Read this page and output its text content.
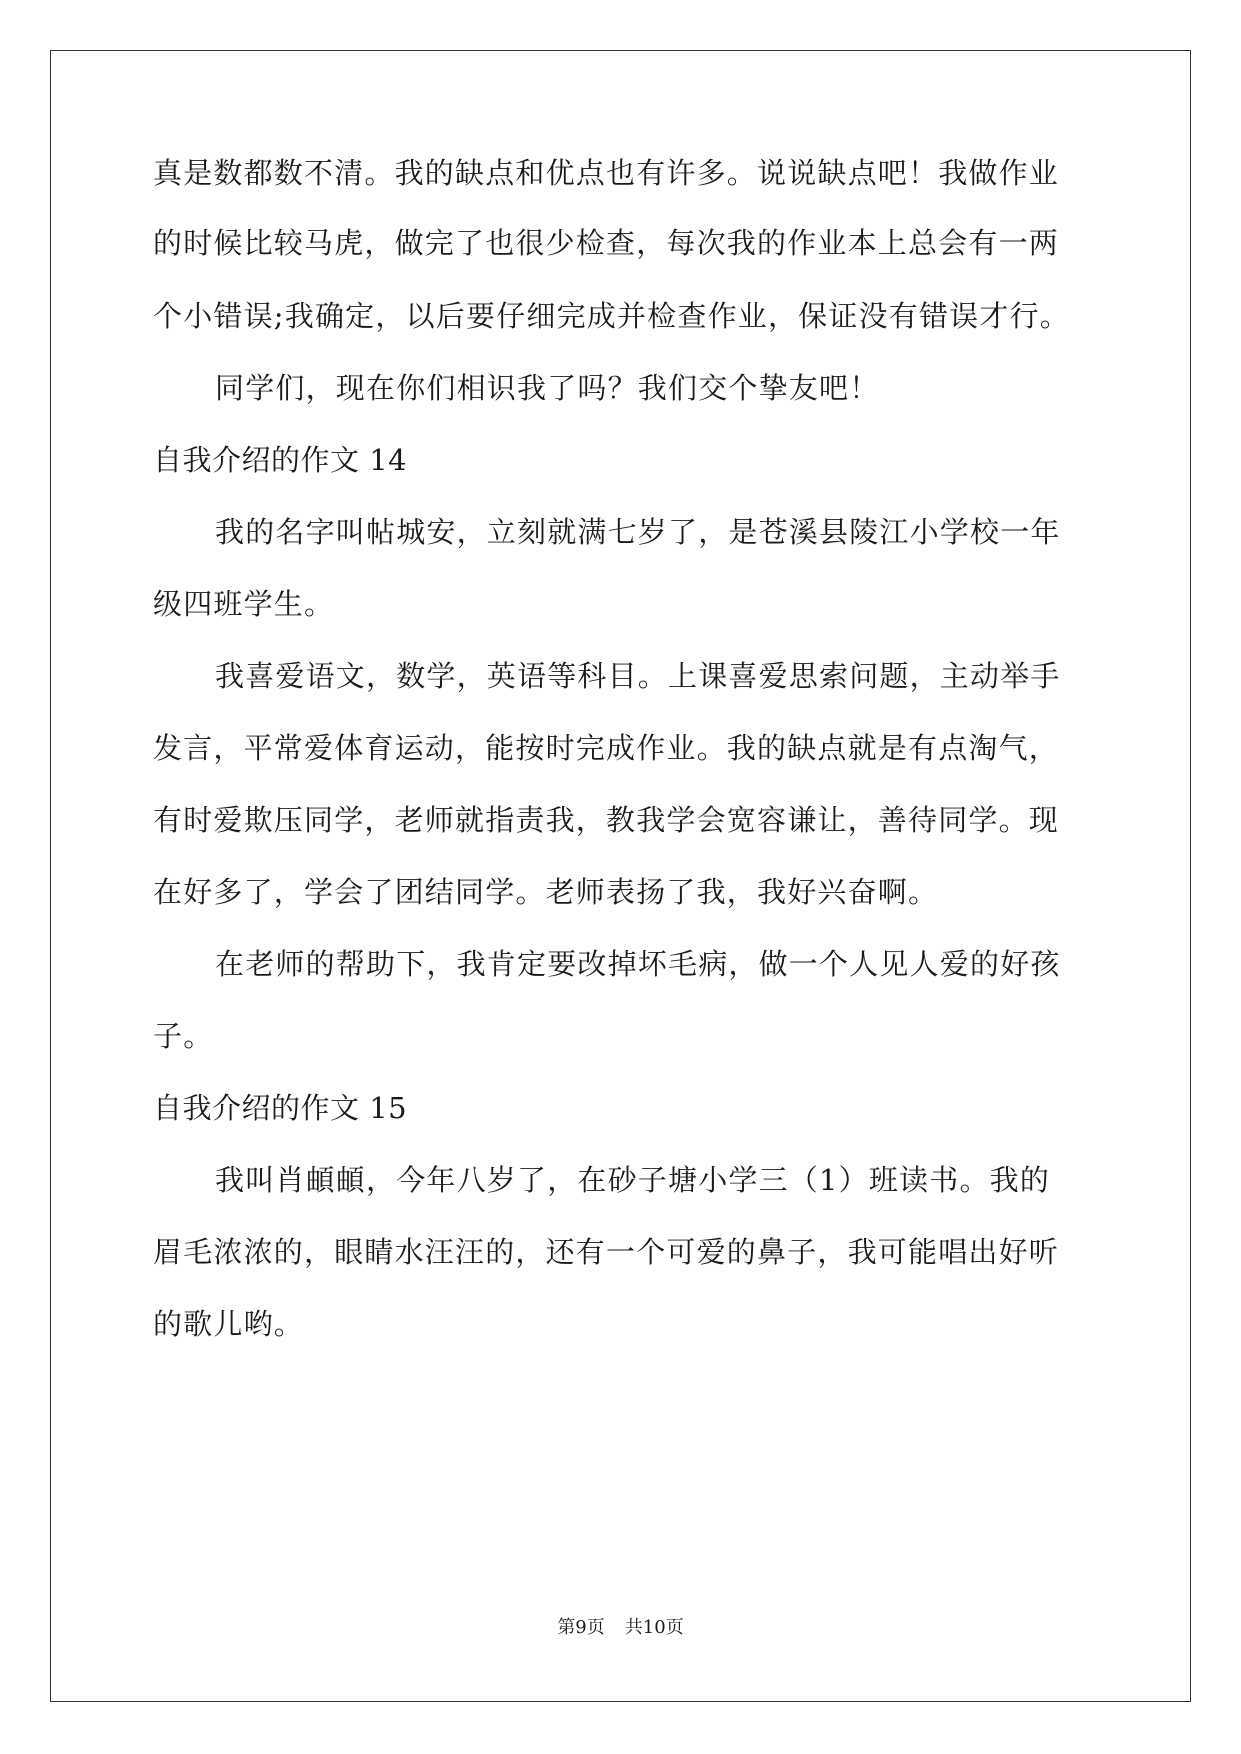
真是数都数不清。我的缺点和优点也有许多。说说缺点吧！我做作业
的时候比较马虎，做完了也很少检查，每次我的作业本上总会有一两
个小错误;我确定，以后要仔细完成并检查作业，保证没有错误才行。
同学们，现在你们相识我了吗？我们交个挚友吧！
自我介绍的作文 14
我的名字叫帖城安，立刻就满七岁了，是苍溪县陵江小学校一年
级四班学生。
我喜爱语文，数学，英语等科目。上课喜爱思索问题，主动举手
发言，平常爱体育运动，能按时完成作业。我的缺点就是有点淘气，
有时爱欺压同学，老师就指责我，教我学会宽容谦让，善待同学。现
在好多了，学会了团结同学。老师表扬了我，我好兴奋啊。
在老师的帮助下，我肯定要改掉坏毛病，做一个人见人爱的好孩
子。
自我介绍的作文 15
我叫肖頔頔，今年八岁了，在砂子塘小学三（1）班读书。我的
眉毛浓浓的，眼睛水汪汪的，还有一个可爱的鼻子，我可能唱出好听
的歌儿哟。
第9页 共10页
